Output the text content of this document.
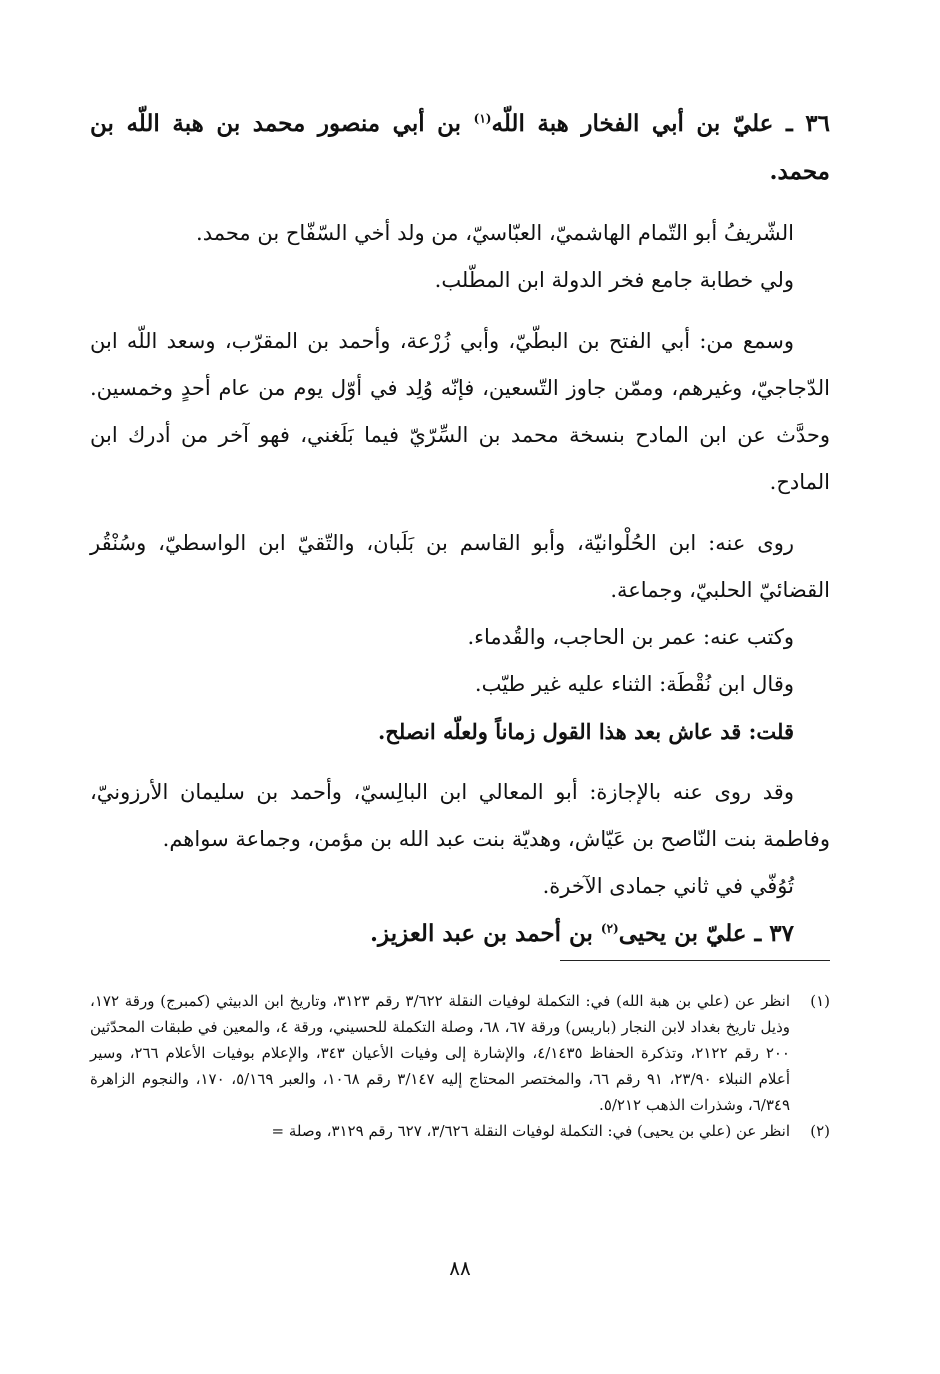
٣٦ ـ عليّ بن أبي الفخار هبة اللّه$^{(١)}$ بن أبي منصور محمد بن هبة اللّه بن محمد.

الشّريفُ أبو التّمام الهاشميّ، العبّاسيّ، من ولد أخي السّفّاح بن محمد.

ولي خطابة جامع فخر الدولة ابن المطّلب.

وسمع من: أبي الفتح بن البطّيّ، وأبي زُرْعة، وأحمد بن المقرّب، وسعد اللّه ابن الدّجاجيّ، وغيرهم، وممّن جاوز التّسعين، فإنّه وُلِد في أوّل يوم من عام أحدٍ وخمسين. وحدَّث عن ابن المادح بنسخة محمد بن السِّرّيّ فيما بَلَغني، فهو آخر من أدرك ابن المادح.

روى عنه: ابن الحُلْوانيّة، وأبو القاسم بن بَلَبان، والتّقيّ ابن الواسطيّ، وسُنْقُر القضائيّ الحلبيّ، وجماعة.

وكتب عنه: عمر بن الحاجب، والقُدماء.

وقال ابن نُقْطَة: الثناء عليه غير طيّب.

قلت: قد عاش بعد هذا القول زماناً ولعلّه انصلح.

وقد روى عنه بالإجازة: أبو المعالي ابن البالِسيّ، وأحمد بن سليمان الأرزونيّ، وفاطمة بنت النّاصح بن عَيّاش، وهديّة بنت عبد الله بن مؤمن، وجماعة سواهم.

تُوُفّي في ثاني جمادى الآخرة.

٣٧ ـ عليّ بن يحيى$^{(٢)}$ بن أحمد بن عبد العزيز.

(١)
انظر عن (علي بن هبة الله) في: التكملة لوفيات النقلة ٣/٦٢٢ رقم ٣١٢٣، وتاريخ ابن الدبيثي (كمبرج) ورقة ١٧٢، وذيل تاريخ بغداد لابن النجار (باريس) ورقة ٦٧، ٦٨، وصلة التكملة للحسيني، ورقة ٤، والمعين في طبقات المحدّثين ٢٠٠ رقم ٢١٢٢، وتذكرة الحفاظ ٤/١٤٣٥، والإشارة إلى وفيات الأعيان ٣٤٣، والإعلام بوفيات الأعلام ٢٦٦، وسير أعلام النبلاء ٢٣/٩٠، ٩١ رقم ٦٦، والمختصر المحتاج إليه ٣/١٤٧ رقم ١٠٦٨، والعبر ٥/١٦٩، ١٧٠، والنجوم الزاهرة ٦/٣٤٩، وشذرات الذهب ٥/٢١٢.
(٢)
انظر عن (علي بن يحيى) في: التكملة لوفيات النقلة ٣/٦٢٦، ٦٢٧ رقم ٣١٢٩، وصلة =
٨٨
